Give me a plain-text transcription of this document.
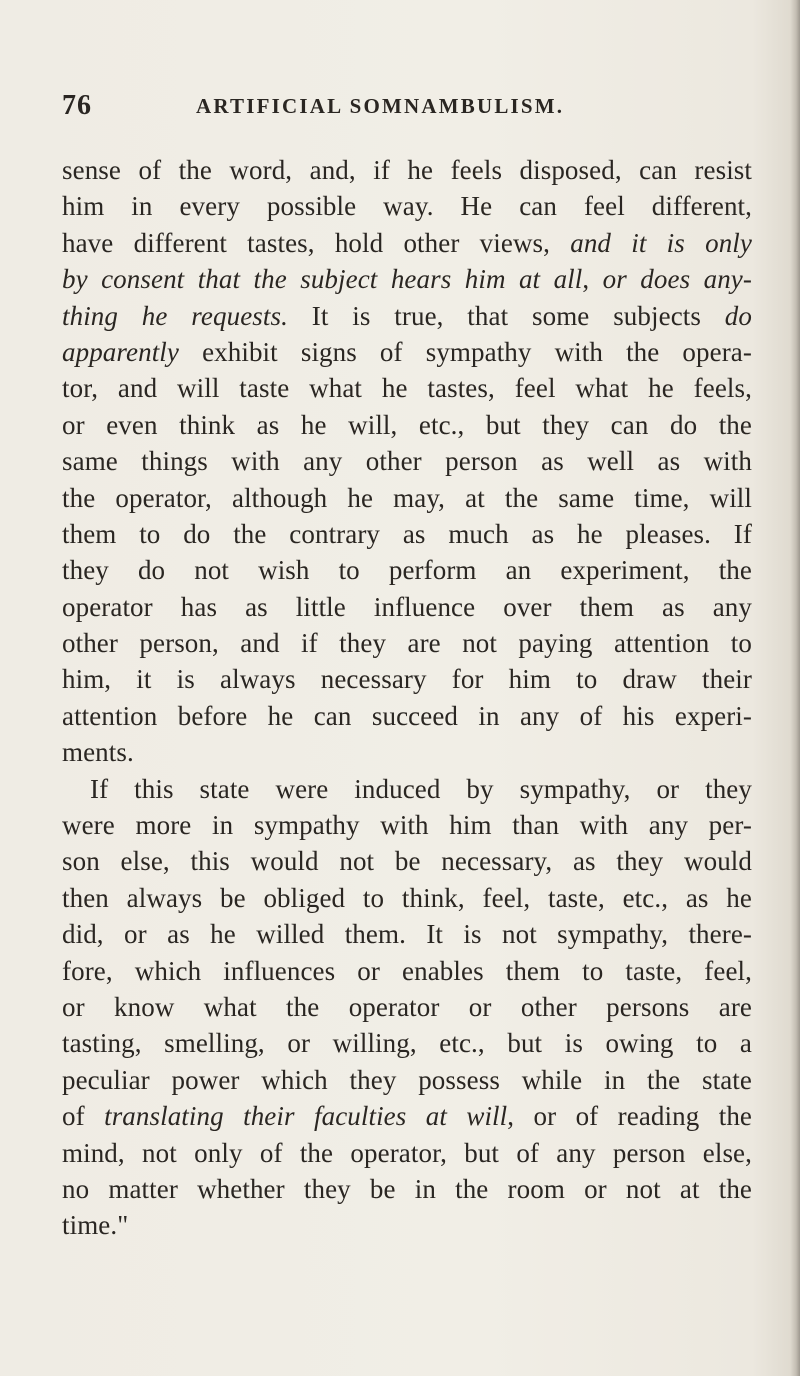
76	ARTIFICIAL SOMNAMBULISM.
sense of the word, and, if he feels disposed, can resist
him in every possible way. He can feel different,
have different tastes, hold other views, and it is only
by consent that the subject hears him at all, or does any-
thing he requests. It is true, that some subjects do
apparently exhibit signs of sympathy with the opera-
tor, and will taste what he tastes, feel what he feels,
or even think as he will, etc., but they can do the
same things with any other person as well as with
the operator, although he may, at the same time, will
them to do the contrary as much as he pleases. If
they do not wish to perform an experiment, the
operator has as little influence over them as any
other person, and if they are not paying attention to
him, it is always necessary for him to draw their
attention before he can succeed in any of his experi-
ments.
If this state were induced by sympathy, or they
were more in sympathy with him than with any per-
son else, this would not be necessary, as they would
then always be obliged to think, feel, taste, etc., as he
did, or as he willed them. It is not sympathy, there-
fore, which influences or enables them to taste, feel,
or know what the operator or other persons are
tasting, smelling, or willing, etc., but is owing to a
peculiar power which they possess while in the state
of translating their faculties at will, or of reading the
mind, not only of the operator, but of any person else,
no matter whether they be in the room or not at the
time."
